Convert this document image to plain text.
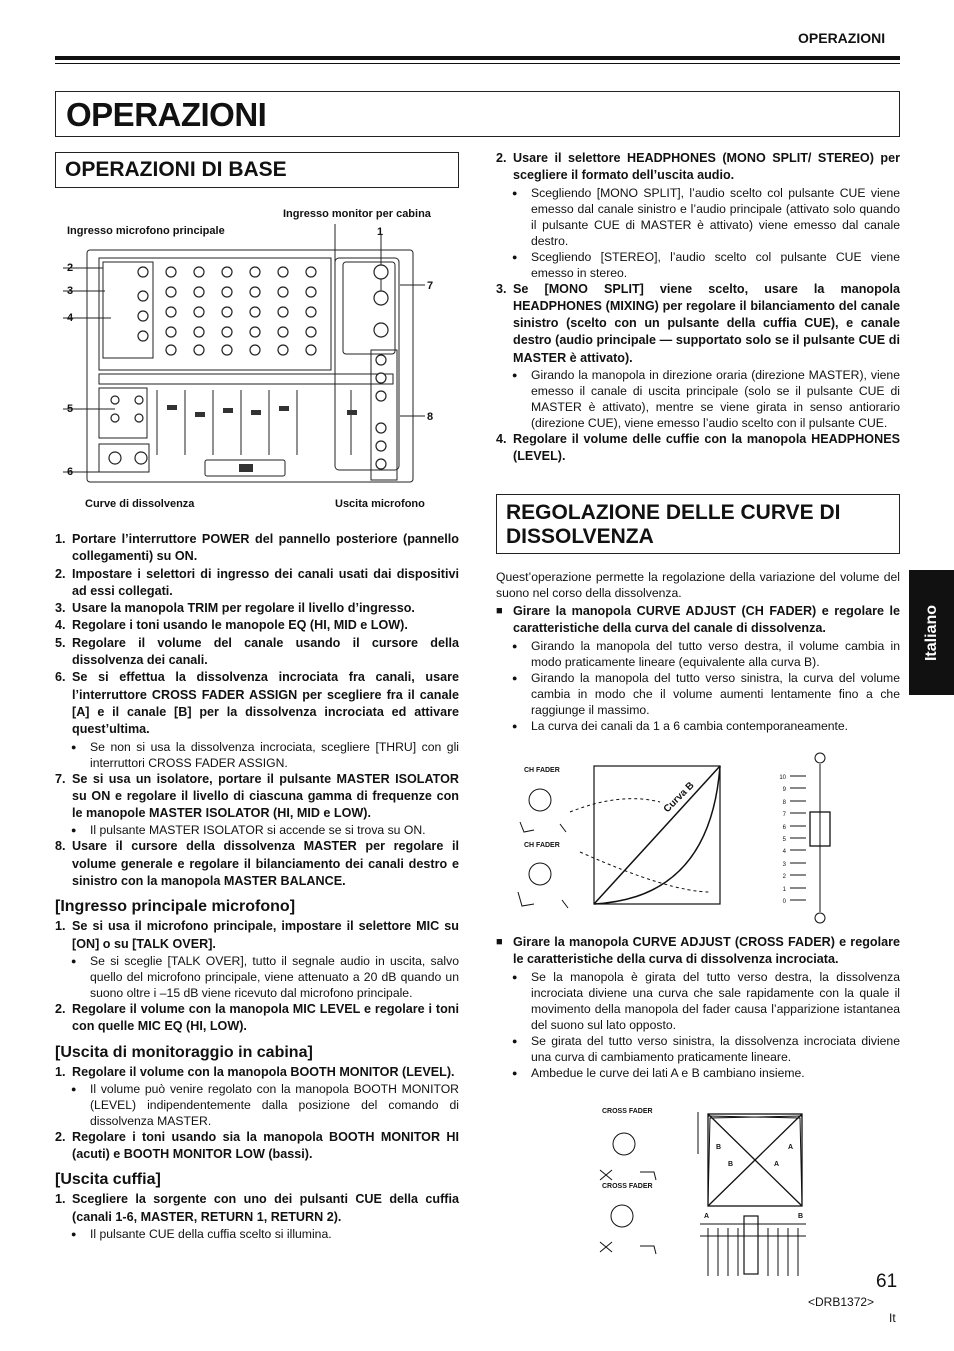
OPERAZIONI
OPERAZIONI
OPERAZIONI DI BASE
Ingresso monitor per cabina
Ingresso microfono principale
Curve di dissolvenza	Uscita microfono
1
2
3
4
5
6
7
8
1. Portare l’interruttore POWER del pannello posteriore (pannello collegamenti) su ON.
2. Impostare i selettori di ingresso dei canali usati dai dispositivi ad essi collegati.
3. Usare la manopola TRIM per regolare il livello d’ingresso.
4. Regolare i toni usando le manopole EQ (HI, MID e LOW).
5. Regolare il volume del canale usando il cursore della dissolvenza dei canali.
6. Se si effettua la dissolvenza incrociata fra canali, usare l’interruttore CROSS FADER ASSIGN per scegliere fra il canale [A] e il canale [B] per la dissolvenza incrociata ed attivare quest’ultima.
● Se non si usa la dissolvenza incrociata, scegliere [THRU] con gli interruttori CROSS FADER ASSIGN.
7. Se si usa un isolatore, portare il pulsante MASTER ISOLATOR su ON e regolare il livello di ciascuna gamma di frequenze con le manopole MASTER ISOLATOR (HI, MID e LOW).
● Il pulsante MASTER ISOLATOR si accende se si trova su ON.
8. Usare il cursore della dissolvenza MASTER per regolare il volume generale e regolare il bilanciamento dei canali destro e sinistro con la manopola MASTER BALANCE.
[Ingresso principale microfono]
1. Se si usa il microfono principale, impostare il selettore MIC su [ON] o su [TALK OVER].
● Se si sceglie [TALK OVER], tutto il segnale audio in uscita, salvo quello del microfono principale, viene attenuato a 20 dB quando un suono oltre i –15 dB viene ricevuto dal microfono principale.
2. Regolare il volume con la manopola MIC LEVEL e regolare i toni con quelle MIC EQ (HI, LOW).
[Uscita di monitoraggio in cabina]
1. Regolare il volume con la manopola BOOTH MONITOR (LEVEL).
● Il volume può venire regolato con la manopola BOOTH MONITOR (LEVEL) indipendentemente dalla posizione del comando di dissolvenza MASTER.
2. Regolare i toni usando sia la manopola BOOTH MONITOR HI (acuti) e BOOTH MONITOR LOW (bassi).
[Uscita cuffia]
1. Scegliere la sorgente con uno dei pulsanti CUE della cuffia (canali 1-6, MASTER, RETURN 1, RETURN 2).
● Il pulsante CUE della cuffia scelto si illumina.
2. Usare il selettore HEADPHONES (MONO SPLIT/ STEREO) per scegliere il formato dell’uscita audio.
● Scegliendo [MONO SPLIT], l’audio scelto col pulsante CUE viene emesso dal canale sinistro e l’audio principale (attivato solo quando il pulsante CUE di MASTER è attivato) viene emesso dal canale destro.
● Scegliendo [STEREO], l’audio scelto col pulsante CUE viene emesso in stereo.
3. Se [MONO SPLIT] viene scelto, usare la manopola HEADPHONES (MIXING) per regolare il bilanciamento del canale sinistro (scelto con un pulsante della cuffia CUE), e canale destro (audio principale — supportato solo se il pulsante CUE di MASTER è attivato).
● Girando la manopola in direzione oraria (direzione MASTER), viene emesso il canale di uscita principale (solo se il pulsante CUE di MASTER è attivato), mentre se viene girata in senso antiorario (direzione CUE), viene emesso l’audio scelto con il pulsante CUE.
4. Regolare il volume delle cuffie con la manopola HEADPHONES (LEVEL).
REGOLAZIONE DELLE CURVE DI DISSOLVENZA
Quest’operazione permette la regolazione della variazione del volume del suono nel corso della dissolvenza.
■ Girare la manopola CURVE ADJUST (CH FADER) e regolare le caratteristiche della curva del canale di dissolvenza.
● Girando la manopola del tutto verso destra, il volume cambia in modo praticamente lineare (equivalente alla curva B).
● Girando la manopola del tutto verso sinistra, la curva del volume cambia in modo che il volume aumenti lentamente fino a che raggiunge il massimo.
● La curva dei canali da 1 a 6 cambia contemporaneamente.
CH FADER
CH FADER
Curva B
10
9
8
7
6
5
4
3
2
1
0
■ Girare la manopola CURVE ADJUST (CROSS FADER) e regolare le caratteristiche della curva di dissolvenza incrociata.
● Se la manopola è girata del tutto verso destra, la dissolvenza incrociata diviene una curva che sale rapidamente con la quale il movimento della manopola del fader causa l’apparizione istantanea del suono sul lato opposto.
● Se girata del tutto verso sinistra, la dissolvenza incrociata diviene una curva di cambiamento praticamente lineare.
● Ambedue le curve dei lati A e B cambiano insieme.
CROSS FADER
CROSS FADER
B	A
B	A
A	B
Italiano
61
<DRB1372>
It
